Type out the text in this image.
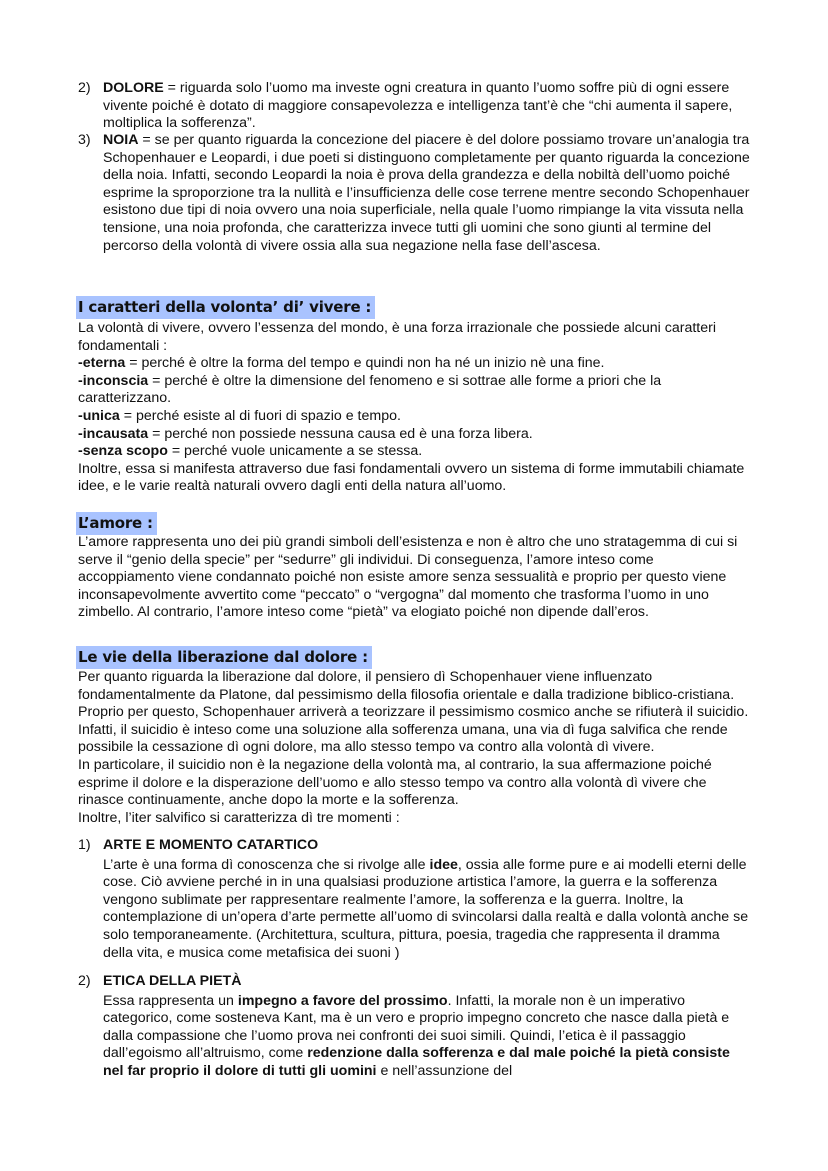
2) DOLORE = riguarda solo l’uomo ma investe ogni creatura in quanto l’uomo soffre più di ogni essere vivente poiché è dotato di maggiore consapevolezza e intelligenza tant’è che “chi aumenta il sapere, moltiplica la sofferenza”.

3) NOIA = se per quanto riguarda la concezione del piacere è del dolore possiamo trovare un’analogia tra Schopenhauer e Leopardi, i due poeti si distinguono completamente per quanto riguarda la concezione della noia. Infatti, secondo Leopardi la noia è prova della grandezza e della nobiltà dell’uomo poiché esprime la sproporzione tra la nullità e l’insufficienza delle cose terrene mentre secondo Schopenhauer esistono due tipi di noia ovvero una noia superficiale, nella quale l’uomo rimpiange la vita vissuta nella tensione, una noia profonda, che caratterizza invece tutti gli uomini che sono giunti al termine del percorso della volontà di vivere ossia alla sua negazione nella fase dell’ascesa.

I caratteri della volonta’ di’ vivere :

La volontà di vivere, ovvero l’essenza del mondo, è una forza irrazionale che possiede alcuni caratteri fondamentali :

-eterna = perché è oltre la forma del tempo e quindi non ha né un inizio nè una fine.

-inconscia = perché è oltre la dimensione del fenomeno e si sottrae alle forme a priori che la caratterizzano.

-unica = perché esiste al di fuori di spazio e tempo.

-incausata = perché non possiede nessuna causa ed è una forza libera.

-senza scopo = perché vuole unicamente a se stessa.

Inoltre, essa si manifesta attraverso due fasi fondamentali ovvero un sistema di forme immutabili chiamate idee, e le varie realtà naturali ovvero dagli enti della natura all’uomo.

L’amore :

L’amore rappresenta uno dei più grandi simboli dell’esistenza e non è altro che uno stratagemma di cui si serve il “genio della specie” per “sedurre” gli individui. Di conseguenza, l’amore inteso come accoppiamento viene condannato poiché non esiste amore senza sessualità e proprio per questo viene inconsapevolmente avvertito come “peccato” o “vergogna” dal momento che trasforma l’uomo in uno zimbello. Al contrario, l’amore inteso come “pietà” va elogiato poiché non dipende dall’eros.

Le vie della liberazione dal dolore :

Per quanto riguarda la liberazione dal dolore, il pensiero dì Schopenhauer viene influenzato fondamentalmente da Platone, dal pessimismo della filosofia orientale e dalla tradizione biblico-cristiana. Proprio per questo, Schopenhauer arriverà a teorizzare il pessimismo cosmico anche se rifiuterà il suicidio. Infatti, il suicidio è inteso come una soluzione alla sofferenza umana, una via dì fuga salvifica che rende possibile la cessazione dì ogni dolore, ma allo stesso tempo va contro alla volontà dì vivere.

In particolare, il suicidio non è la negazione della volontà ma, al contrario, la sua affermazione poiché esprime il dolore e la disperazione dell’uomo e allo stesso tempo va contro alla volontà dì vivere che rinasce continuamente, anche dopo la morte e la sofferenza.

Inoltre, l’iter salvifico si caratterizza dì tre momenti :

1) ARTE E MOMENTO CATARTICO

L’arte è una forma dì conoscenza che si rivolge alle idee, ossia alle forme pure e ai modelli eterni delle cose. Ciò avviene perché in in una qualsiasi produzione artistica l’amore, la guerra e la sofferenza vengono sublimate per rappresentare realmente l’amore, la sofferenza e la guerra. Inoltre, la contemplazione di un’opera d’arte permette all’uomo di svincolarsi dalla realtà e dalla volontà anche se solo temporaneamente. (Architettura, scultura, pittura, poesia, tragedia che rappresenta il dramma della vita, e musica come metafisica dei suoni )

2) ETICA DELLA PIETÀ

Essa rappresenta un impegno a favore del prossimo. Infatti, la morale non è un imperativo categorico, come sosteneva Kant, ma è un vero e proprio impegno concreto che nasce dalla pietà e dalla compassione che l’uomo prova nei confronti dei suoi simili. Quindi, l’etica è il passaggio dall’egoismo all’altruismo, come redenzione dalla sofferenza e dal male poiché la pietà consiste nel far proprio il dolore di tutti gli uomini e nell’assunzione del
